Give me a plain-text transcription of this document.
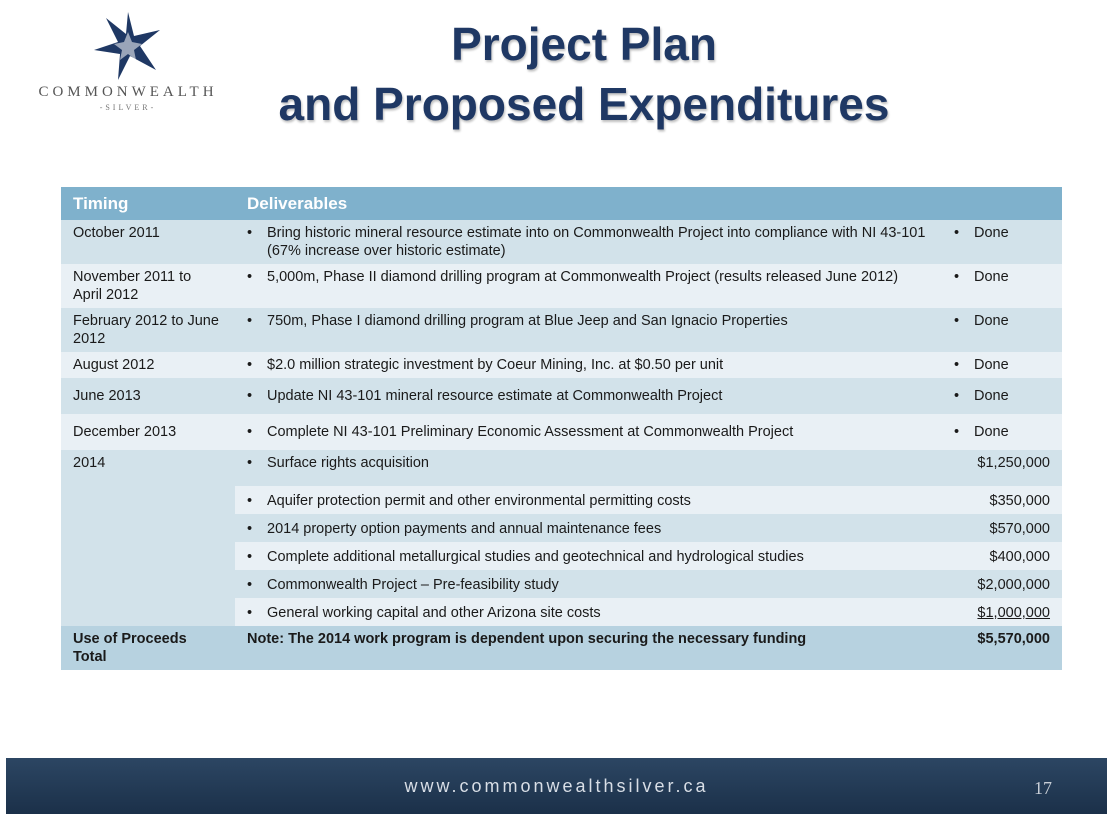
COMMONWEALTH
-SILVER-
Project Plan
and Proposed Expenditures
Timing	Deliverables	
October 2011	• Bring historic mineral resource estimate into on Commonwealth Project into compliance with NI 43-101 (67% increase over historic estimate)	• Done

November 2011 to April 2012	• 5,000m, Phase II diamond drilling program at Commonwealth Project (results released June 2012)	• Done

February 2012 to June 2012	• 750m, Phase I diamond drilling program at Blue Jeep and San Ignacio Properties	• Done

August 2012	• $2.0 million strategic investment by Coeur Mining, Inc. at $0.50 per unit	• Done

June 2013	• Update NI 43-101 mineral resource estimate at Commonwealth Project	• Done

December 2013	• Complete NI 43-101 Preliminary Economic Assessment at Commonwealth Project	• Done

2014	• Surface rights acquisition	$1,250,000

	• Aquifer protection permit and other environmental permitting costs	$350,000

	• 2014 property option payments and annual maintenance fees	$570,000

	• Complete additional metallurgical studies and geotechnical and hydrological studies	$400,000

	• Commonwealth Project – Pre-feasibility study	$2,000,000

	• General working capital and other Arizona site costs	$1,000,000
Use of Proceeds Total	Note: The 2014 work program is dependent upon securing the necessary funding	$5,570,000
www.commonwealthsilver.ca	17
